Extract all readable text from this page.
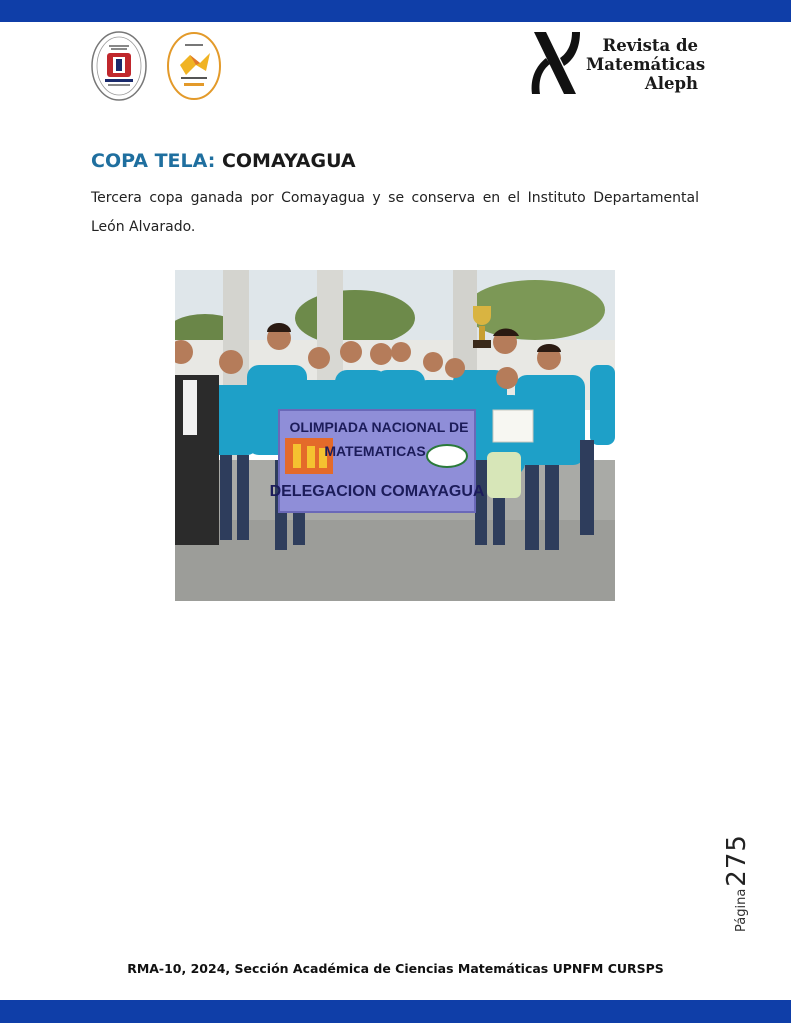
Revista de
Matemáticas
Aleph
COPA TELA: COMAYAGUA
Tercera copa ganada por Comayagua y se conserva en el Instituto Departamental León Alvarado.
OLIMPIADA NACIONAL DE
MATEMATICAS
DELEGACION COMAYAGUA
Página
275
RMA-10, 2024, Sección Académica de Ciencias Matemáticas UPNFM CURSPS
